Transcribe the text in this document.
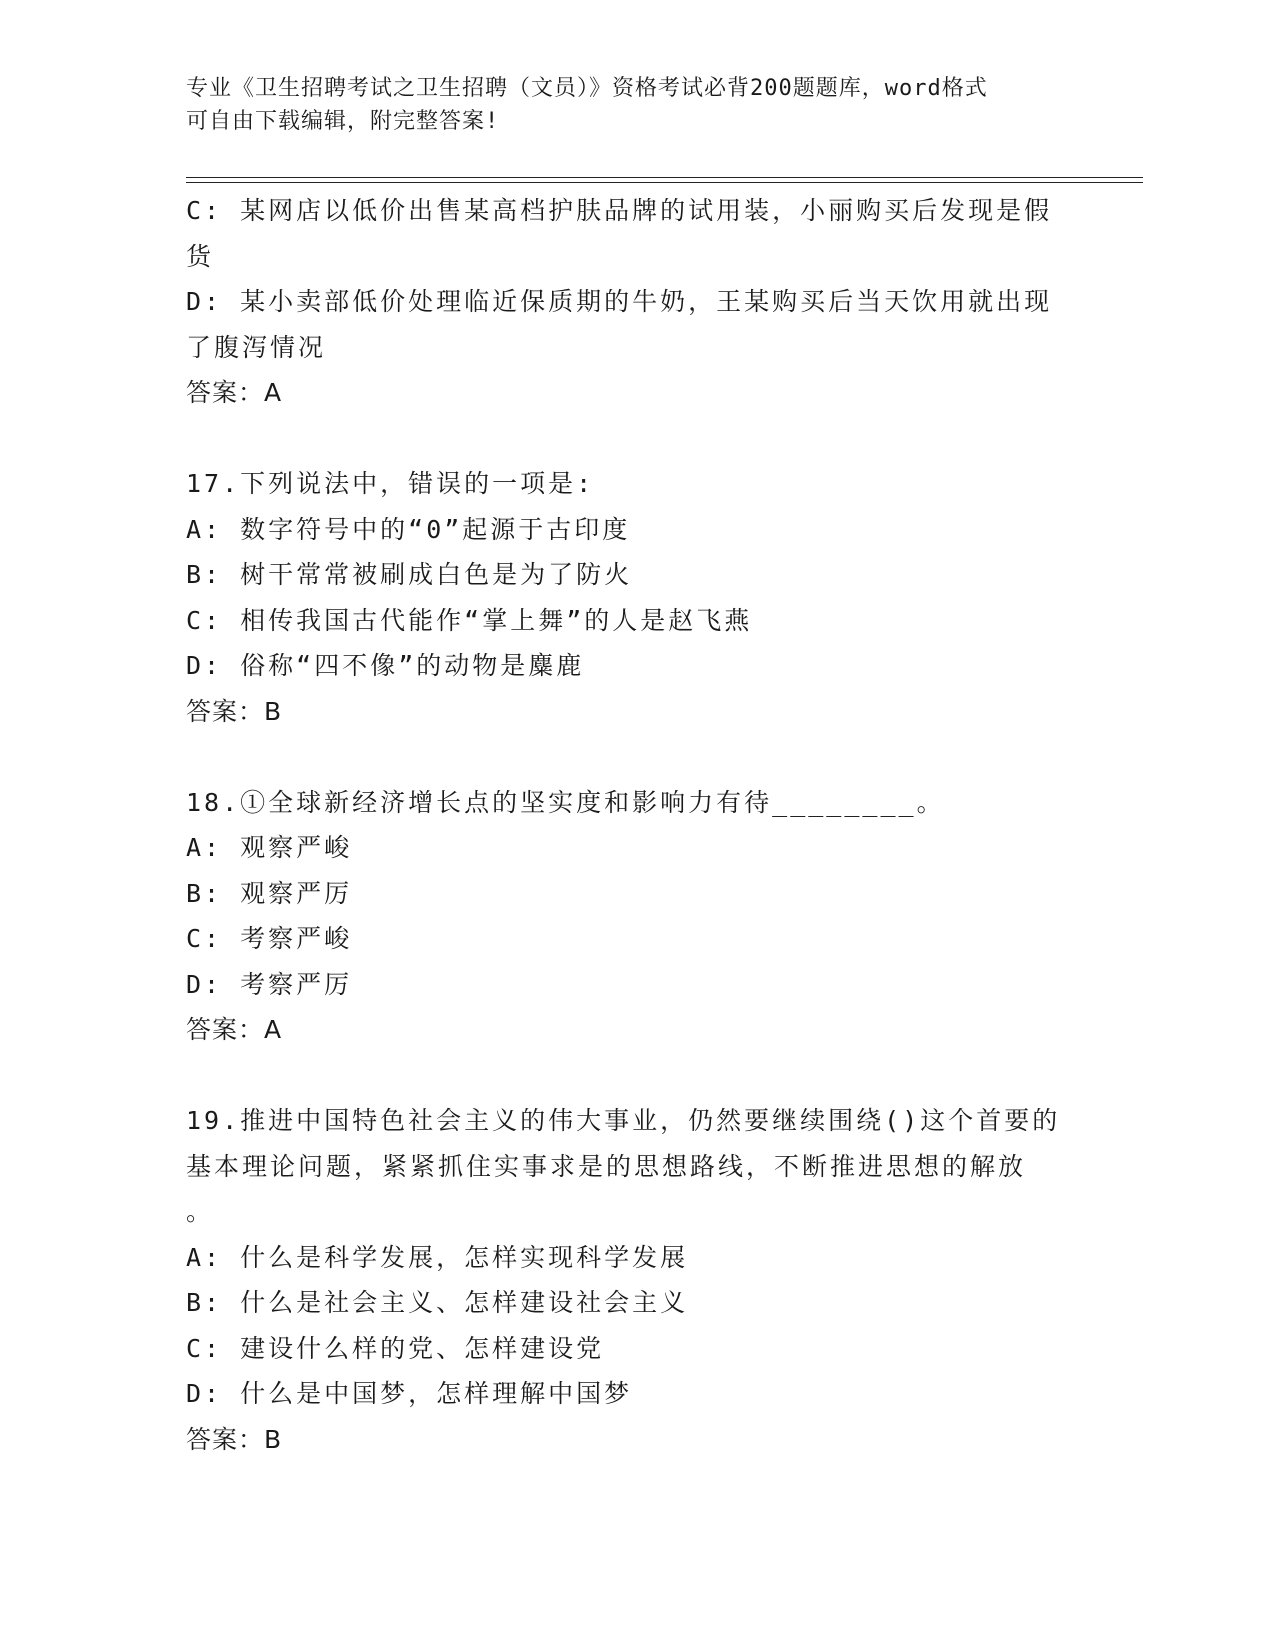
专业《卫生招聘考试之卫生招聘（文员）》资格考试必背200题题库，word格式
可自由下载编辑，附完整答案!
C: 某网店以低价出售某高档护肤品牌的试用装，小丽购买后发现是假
货
D: 某小卖部低价处理临近保质期的牛奶，王某购买后当天饮用就出现
了腹泻情况
答案：A
17.下列说法中，错误的一项是:
A: 数字符号中的“0”起源于古印度
B: 树干常常被刷成白色是为了防火
C: 相传我国古代能作“掌上舞”的人是赵飞燕
D: 俗称“四不像”的动物是麋鹿
答案：B
18.①全球新经济增长点的坚实度和影响力有待________。
A: 观察严峻
B: 观察严厉
C: 考察严峻
D: 考察严厉
答案：A
19.推进中国特色社会主义的伟大事业，仍然要继续围绕()这个首要的
基本理论问题，紧紧抓住实事求是的思想路线，不断推进思想的解放
。
A: 什么是科学发展，怎样实现科学发展
B: 什么是社会主义、怎样建设社会主义
C: 建设什么样的党、怎样建设党
D: 什么是中国梦，怎样理解中国梦
答案：B
